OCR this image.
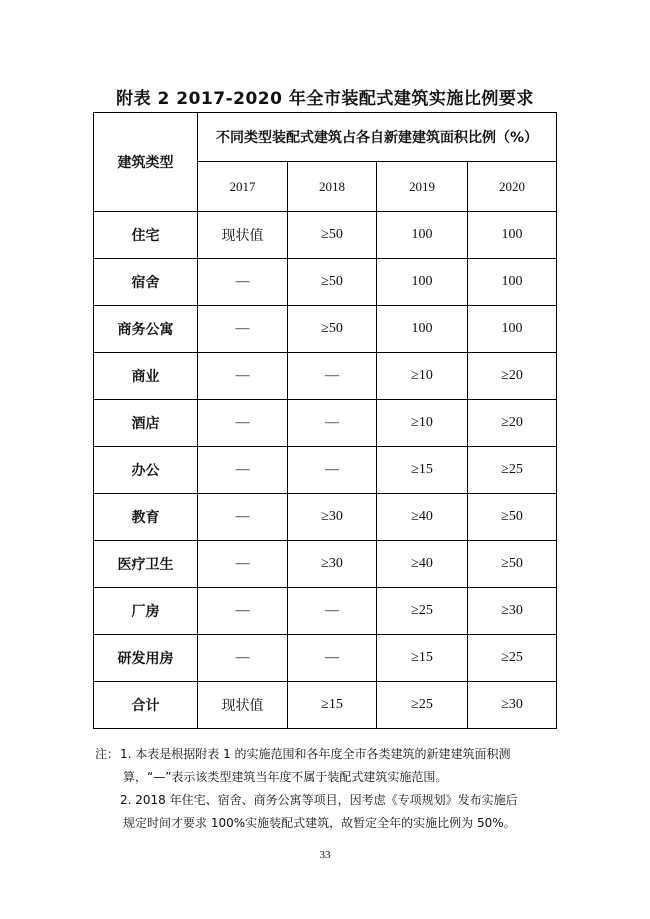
附表 2 2017-2020 年全市装配式建筑实施比例要求
建筑类型	不同类型装配式建筑占各自新建建筑面积比例（%）			
	2017	2018	2019	2020
住宅	现状值	≥50	100	100
宿舍	—	≥50	100	100
商务公寓	—	≥50	100	100
商业	—	—	≥10	≥20
酒店	—	—	≥10	≥20
办公	—	—	≥15	≥25
教育	—	≥30	≥40	≥50
医疗卫生	—	≥30	≥40	≥50
厂房	—	—	≥25	≥30
研发用房	—	—	≥15	≥25
合计	现状值	≥15	≥25	≥30
注： 1. 本表是根据附表 1 的实施范围和各年度全市各类建筑的新建建筑面积测
算，“—”表示该类型建筑当年度不属于装配式建筑实施范围。
2. 2018 年住宅、宿舍、商务公寓等项目，因考虑《专项规划》发布实施后
规定时间才要求 100%实施装配式建筑，故暂定全年的实施比例为 50%。
33
